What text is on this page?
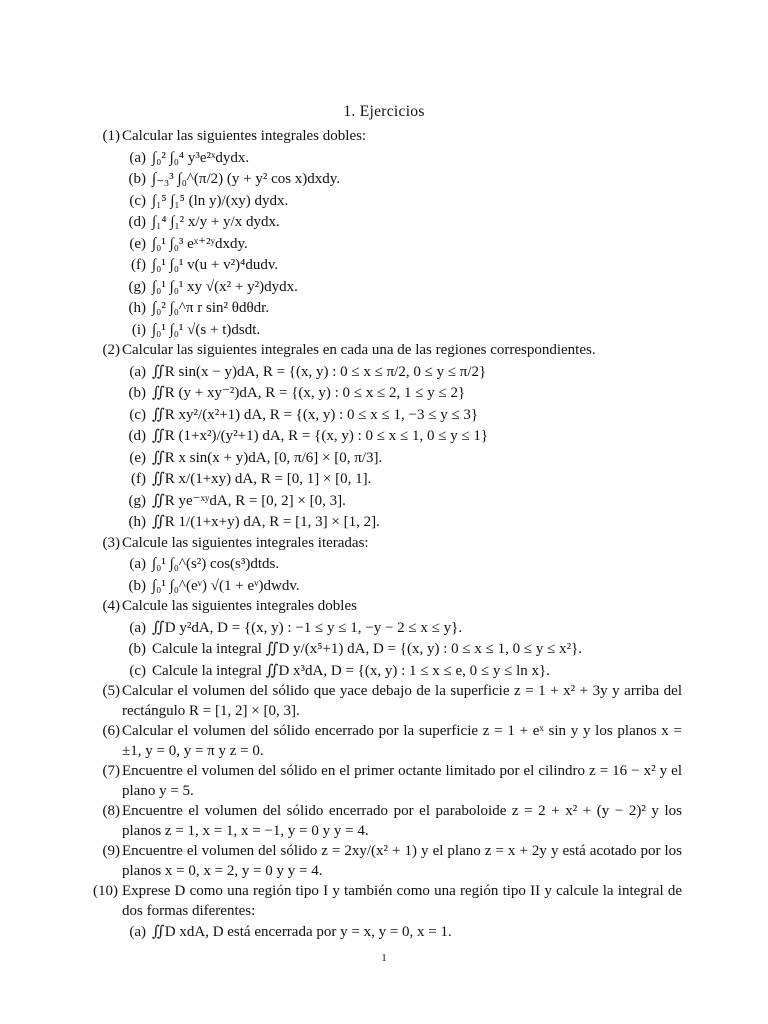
1. Ejercicios
(1) Calcular las siguientes integrales dobles:
(a) ∫₀² ∫₀⁴ y³e²ˣdydx.
(b) ∫₋₃³ ∫₀^(π/2) (y + y² cos x)dxdy.
(c) ∫₁⁵ ∫₁⁵ (ln y)/(xy) dydx.
(d) ∫₁⁴ ∫₁² x/y + y/x dydx.
(e) ∫₀¹ ∫₀³ eˣ⁺²ʸdxdy.
(f) ∫₀¹ ∫₀¹ v(u + v²)⁴dudv.
(g) ∫₀¹ ∫₀¹ xy √(x² + y²)dydx.
(h) ∫₀² ∫₀^π r sin² θdθdr.
(i) ∫₀¹ ∫₀¹ √(s + t)dsdt.
(2) Calcular las siguientes integrales en cada una de las regiones correspondientes.
(a) ∬R sin(x − y)dA, R = {(x, y) : 0 ≤ x ≤ π/2, 0 ≤ y ≤ π/2}
(b) ∬R (y + xy⁻²)dA, R = {(x, y) : 0 ≤ x ≤ 2, 1 ≤ y ≤ 2}
(c) ∬R xy²/(x²+1) dA, R = {(x, y) : 0 ≤ x ≤ 1, −3 ≤ y ≤ 3}
(d) ∬R (1+x²)/(y²+1) dA, R = {(x, y) : 0 ≤ x ≤ 1, 0 ≤ y ≤ 1}
(e) ∬R x sin(x + y)dA, [0, π/6] × [0, π/3].
(f) ∬R x/(1+xy) dA, R = [0, 1] × [0, 1].
(g) ∬R ye⁻ˣʸdA, R = [0, 2] × [0, 3].
(h) ∬R 1/(1+x+y) dA, R = [1, 3] × [1, 2].
(3) Calcule las siguientes integrales iteradas:
(a) ∫₀¹ ∫₀^(s²) cos(s³)dtds.
(b) ∫₀¹ ∫₀^(eᵛ) √(1 + eᵛ)dwdv.
(4) Calcule las siguientes integrales dobles
(a) ∬D y²dA, D = {(x, y) : −1 ≤ y ≤ 1, −y − 2 ≤ x ≤ y}.
(b) Calcule la integral ∬D y/(x⁵+1) dA, D = {(x, y) : 0 ≤ x ≤ 1, 0 ≤ y ≤ x²}.
(c) Calcule la integral ∬D x³dA, D = {(x, y) : 1 ≤ x ≤ e, 0 ≤ y ≤ ln x}.
(5) Calcular el volumen del sólido que yace debajo de la superficie z = 1 + x² + 3y y arriba del rectángulo R = [1, 2] × [0, 3].
(6) Calcular el volumen del sólido encerrado por la superficie z = 1 + eˣ sin y y los planos x = ±1, y = 0, y = π y z = 0.
(7) Encuentre el volumen del sólido en el primer octante limitado por el cilindro z = 16 − x² y el plano y = 5.
(8) Encuentre el volumen del sólido encerrado por el paraboloide z = 2 + x² + (y − 2)² y los planos z = 1, x = 1, x = −1, y = 0 y y = 4.
(9) Encuentre el volumen del sólido z = 2xy/(x² + 1) y el plano z = x + 2y y está acotado por los planos x = 0, x = 2, y = 0 y y = 4.
(10) Exprese D como una región tipo I y también como una región tipo II y calcule la integral de dos formas diferentes:
(a) ∬D xdA, D está encerrada por y = x, y = 0, x = 1.
1
